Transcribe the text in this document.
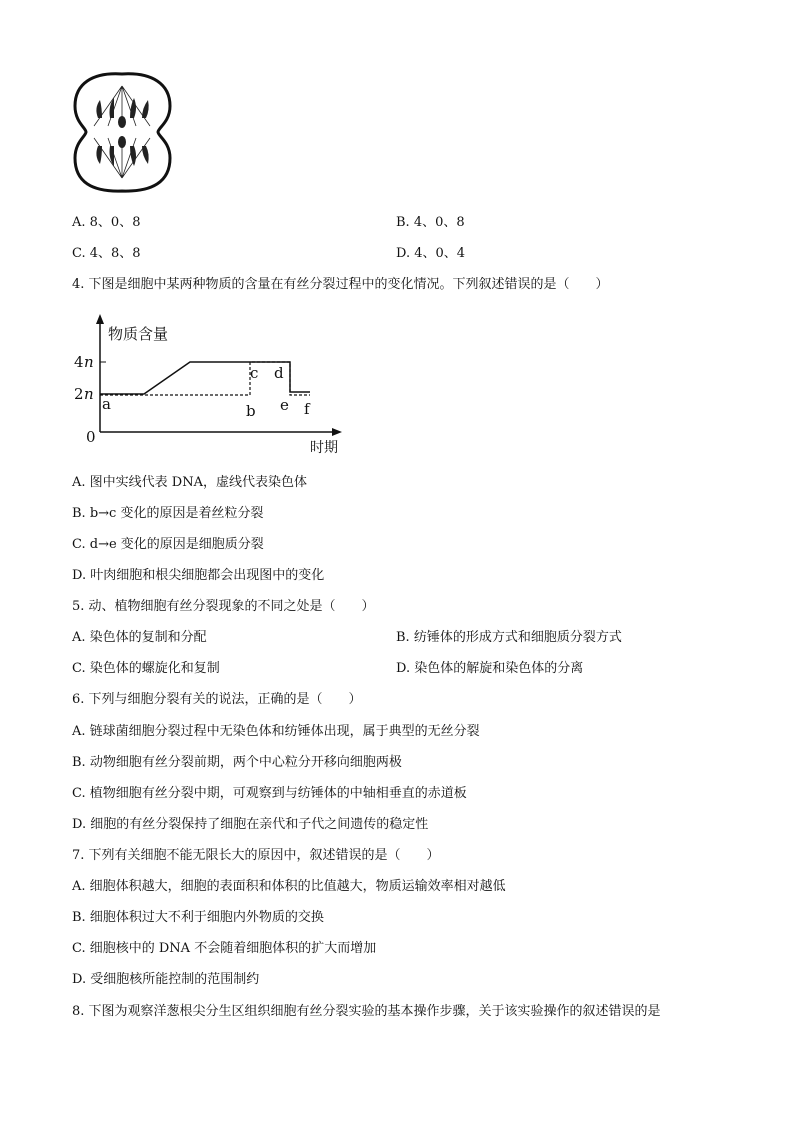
A. 8、0、8	B. 4、0、8
C. 4、8、8	D. 4、0、4
4. 下图是细胞中某两种物质的含量在有丝分裂过程中的变化情况。下列叙述错误的是（　　）
物质含量
时期
0
4 n
2 n
a	b
c d
e f
A. 图中实线代表 DNA，虚线代表染色体
B. b→c 变化的原因是着丝粒分裂
C. d→e 变化的原因是细胞质分裂
D. 叶肉细胞和根尖细胞都会出现图中的变化
5. 动、植物细胞有丝分裂现象的不同之处是（　　）
A. 染色体的复制和分配	B. 纺锤体的形成方式和细胞质分裂方式
C. 染色体的螺旋化和复制	D. 染色体的解旋和染色体的分离
6. 下列与细胞分裂有关的说法，正确的是（　　）
A. 链球菌细胞分裂过程中无染色体和纺锤体出现，属于典型的无丝分裂
B. 动物细胞有丝分裂前期，两个中心粒分开移向细胞两极
C. 植物细胞有丝分裂中期，可观察到与纺锤体的中轴相垂直的赤道板
D. 细胞的有丝分裂保持了细胞在亲代和子代之间遗传的稳定性
7. 下列有关细胞不能无限长大的原因中，叙述错误的是（　　）
A. 细胞体积越大，细胞的表面积和体积的比值越大，物质运输效率相对越低
B. 细胞体积过大不利于细胞内外物质的交换
C. 细胞核中的 DNA 不会随着细胞体积的扩大而增加
D. 受细胞核所能控制的范围制约
8. 下图为观察洋葱根尖分生区组织细胞有丝分裂实验的基本操作步骤，关于该实验操作的叙述错误的是
